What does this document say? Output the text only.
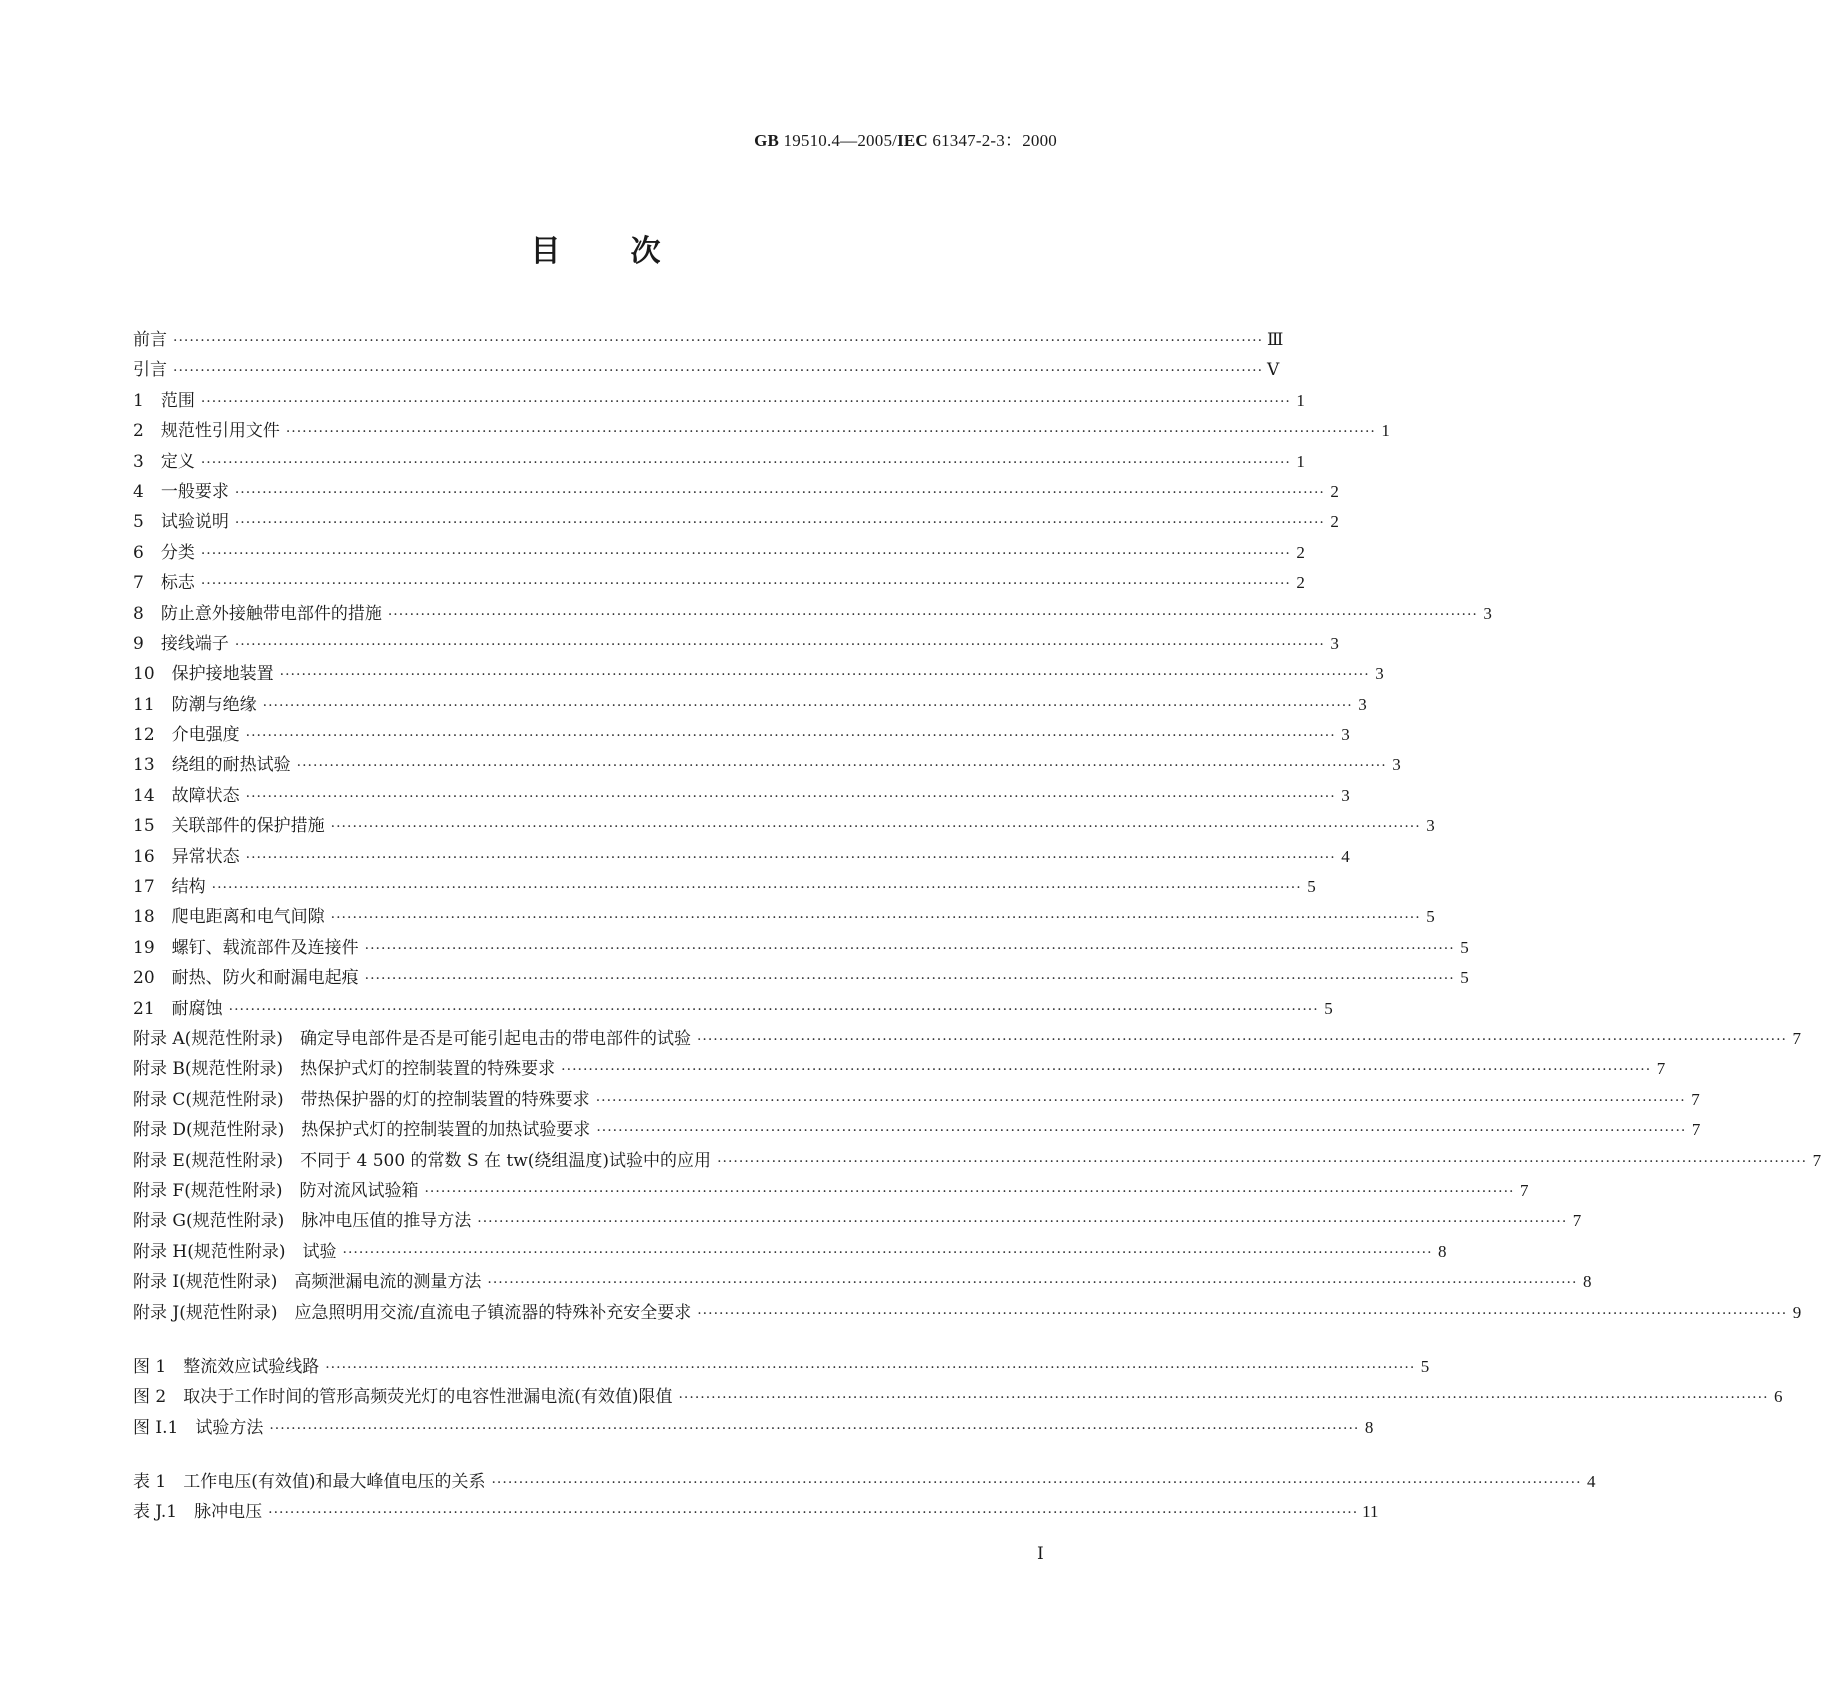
GB 19510.4—2005/IEC 61347-2-3：2000
目 次
前言 ········································································································································································································ Ⅲ
引言 ········································································································································································································ Ⅴ
1　范围 ········································································································································································································ 1
2　规范性引用文件 ········································································································································································································ 1
3　定义 ········································································································································································································ 1
4　一般要求 ········································································································································································································ 2
5　试验说明 ········································································································································································································ 2
6　分类 ········································································································································································································ 2
7　标志 ········································································································································································································ 2
8　防止意外接触带电部件的措施 ········································································································································································································ 3
9　接线端子 ········································································································································································································ 3
10　保护接地装置 ········································································································································································································ 3
11　防潮与绝缘 ········································································································································································································ 3
12　介电强度 ········································································································································································································ 3
13　绕组的耐热试验 ········································································································································································································ 3
14　故障状态 ········································································································································································································ 3
15　关联部件的保护措施 ········································································································································································································ 3
16　异常状态 ········································································································································································································ 4
17　结构 ········································································································································································································ 5
18　爬电距离和电气间隙 ········································································································································································································ 5
19　螺钉、载流部件及连接件 ········································································································································································································ 5
20　耐热、防火和耐漏电起痕 ········································································································································································································ 5
21　耐腐蚀 ········································································································································································································ 5
附录 A(规范性附录)　确定导电部件是否是可能引起电击的带电部件的试验 ········································································································································································································ 7
附录 B(规范性附录)　热保护式灯的控制装置的特殊要求 ········································································································································································································ 7
附录 C(规范性附录)　带热保护器的灯的控制装置的特殊要求 ········································································································································································································ 7
附录 D(规范性附录)　热保护式灯的控制装置的加热试验要求 ········································································································································································································ 7
附录 E(规范性附录)　不同于 4 500 的常数 S 在 tw(绕组温度)试验中的应用 ········································································································································································································ 7
附录 F(规范性附录)　防对流风试验箱 ········································································································································································································ 7
附录 G(规范性附录)　脉冲电压值的推导方法 ········································································································································································································ 7
附录 H(规范性附录)　试验 ········································································································································································································ 8
附录 I(规范性附录)　高频泄漏电流的测量方法 ········································································································································································································ 8
附录 J(规范性附录)　应急照明用交流/直流电子镇流器的特殊补充安全要求 ········································································································································································································ 9
图 1　整流效应试验线路 ········································································································································································································ 5
图 2　取决于工作时间的管形高频荧光灯的电容性泄漏电流(有效值)限值 ········································································································································································································ 6
图 I.1　试验方法 ········································································································································································································ 8
表 1　工作电压(有效值)和最大峰值电压的关系 ········································································································································································································ 4
表 J.1　脉冲电压 ········································································································································································································ 11
Ⅰ
